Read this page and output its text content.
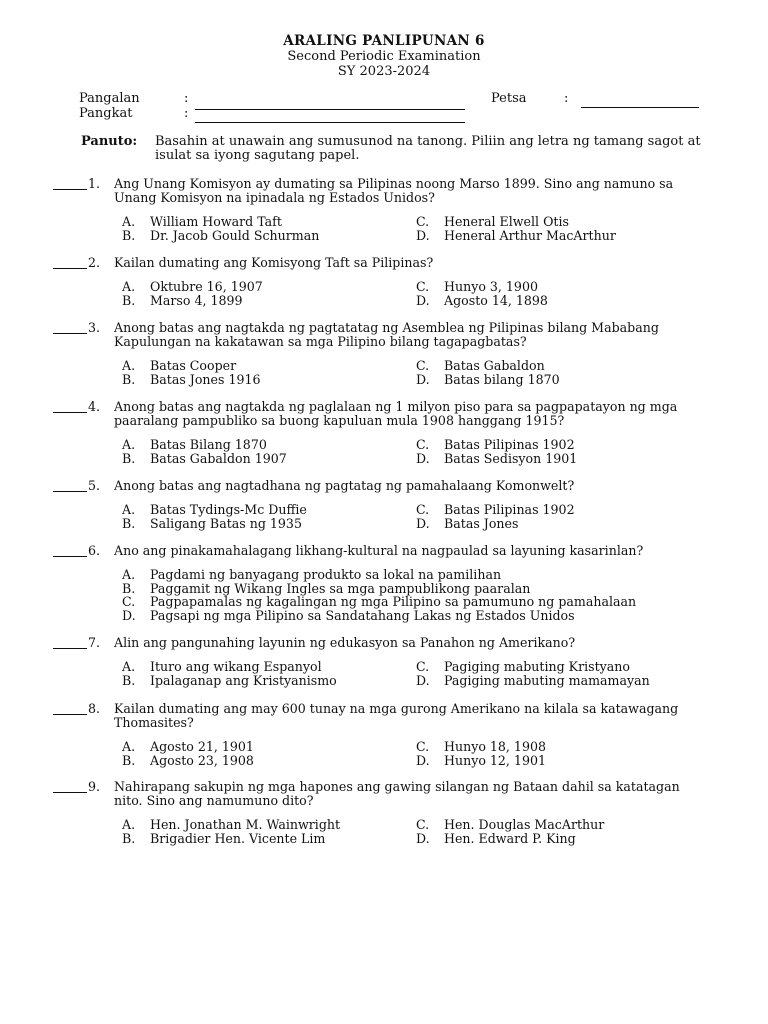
ARALING PANLIPUNAN 6
Second Periodic Examination
SY 2023-2024
Pangalan	:
Pangkat	:
Petsa	:
Panuto: Basahin at unawain ang sumusunod na tanong. Piliin ang letra ng tamang sagot at isulat sa iyong sagutang papel.
1. Ang Unang Komisyon ay dumating sa Pilipinas noong Marso 1899. Sino ang namuno sa
Unang Komisyon na ipinadala ng Estados Unidos?
A. William Howard Taft
B. Dr. Jacob Gould Schurman
C. Heneral Elwell Otis
D. Heneral Arthur MacArthur
2. Kailan dumating ang Komisyong Taft sa Pilipinas?
A. Oktubre 16, 1907
B. Marso 4, 1899
C. Hunyo 3, 1900
D. Agosto 14, 1898
3. Anong batas ang nagtakda ng pagtatatag ng Asemblea ng Pilipinas bilang Mababang
Kapulungan na kakatawan sa mga Pilipino bilang tagapagbatas?
A. Batas Cooper
B. Batas Jones 1916
C. Batas Gabaldon
D. Batas bilang 1870
4. Anong batas ang nagtakda ng paglalaan ng 1 milyon piso para sa pagpapatayon ng mga
paaralang pampubliko sa buong kapuluan mula 1908 hanggang 1915?
A. Batas Bilang 1870
B. Batas Gabaldon 1907
C. Batas Pilipinas 1902
D. Batas Sedisyon 1901
5. Anong batas ang nagtadhana ng pagtatag ng pamahalaang Komonwelt?
A. Batas Tydings-Mc Duffie
B. Saligang Batas ng 1935
C. Batas Pilipinas 1902
D. Batas Jones
6. Ano ang pinakamahalagang likhang-kultural na nagpaulad sa layuning kasarinlan?
A. Pagdami ng banyagang produkto sa lokal na pamilihan
B. Paggamit ng Wikang Ingles sa mga pampublikong paaralan
C. Pagpapamalas ng kagalingan ng mga Pilipino sa pamumuno ng pamahalaan
D. Pagsapi ng mga Pilipino sa Sandatahang Lakas ng Estados Unidos
7. Alin ang pangunahing layunin ng edukasyon sa Panahon ng Amerikano?
A. Ituro ang wikang Espanyol
B. Ipalaganap ang Kristyanismo
C. Pagiging mabuting Kristyano
D. Pagiging mabuting mamamayan
8. Kailan dumating ang may 600 tunay na mga gurong Amerikano na kilala sa katawagang
Thomasites?
A. Agosto 21, 1901
B. Agosto 23, 1908
C. Hunyo 18, 1908
D. Hunyo 12, 1901
9. Nahirapang sakupin ng mga hapones ang gawing silangan ng Bataan dahil sa katatagan
nito. Sino ang namumuno dito?
A. Hen. Jonathan M. Wainwright
B. Brigadier Hen. Vicente Lim
C. Hen. Douglas MacArthur
D. Hen. Edward P. King
